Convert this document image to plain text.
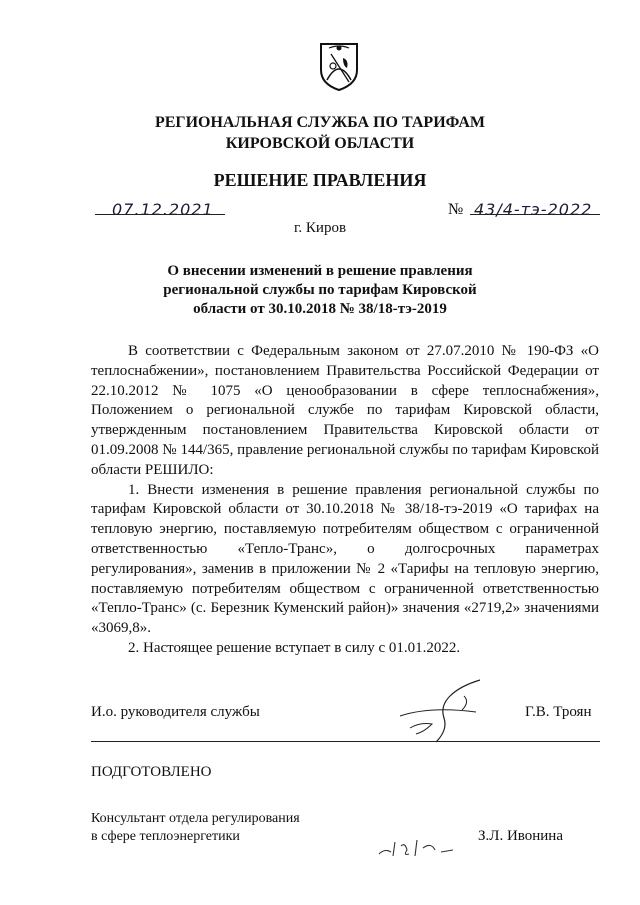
РЕГИОНАЛЬНАЯ СЛУЖБА ПО ТАРИФАМ
КИРОВСКОЙ ОБЛАСТИ
РЕШЕНИЕ ПРАВЛЕНИЯ
07.12.2021	№ 43/4-тэ-2022
г. Киров
О внесении изменений в решение правления
региональной службы по тарифам Кировской
области от 30.10.2018 № 38/18-тэ-2019

В соответствии с Федеральным законом от 27.07.2010 № 190-ФЗ «О теплоснабжении», постановлением Правительства Российской Федерации от 22.10.2012 № 1075 «О ценообразовании в сфере теплоснабжения», Положением о региональной службе по тарифам Кировской области, утвержденным постановлением Правительства Кировской области от 01.09.2008 № 144/365, правление региональной службы по тарифам Кировской области РЕШИЛО:

1. Внести изменения в решение правления региональной службы по тарифам Кировской области от 30.10.2018 № 38/18-тэ-2019 «О тарифах на тепловую энергию, поставляемую потребителям обществом с ограниченной ответственностью «Тепло-Транс», о долгосрочных параметрах регулирования», заменив в приложении № 2 «Тарифы на тепловую энергию, поставляемую потребителям обществом с ограниченной ответственностью «Тепло-Транс» (с. Березник Куменский район)» значения «2719,2» значениями «3069,8».

2. Настоящее решение вступает в силу с 01.01.2022.

И.о. руководителя службы	Г.В. Троян
ПОДГОТОВЛЕНО
Консультант отдела регулирования
в сфере теплоэнергетики	З.Л. Ивонина
